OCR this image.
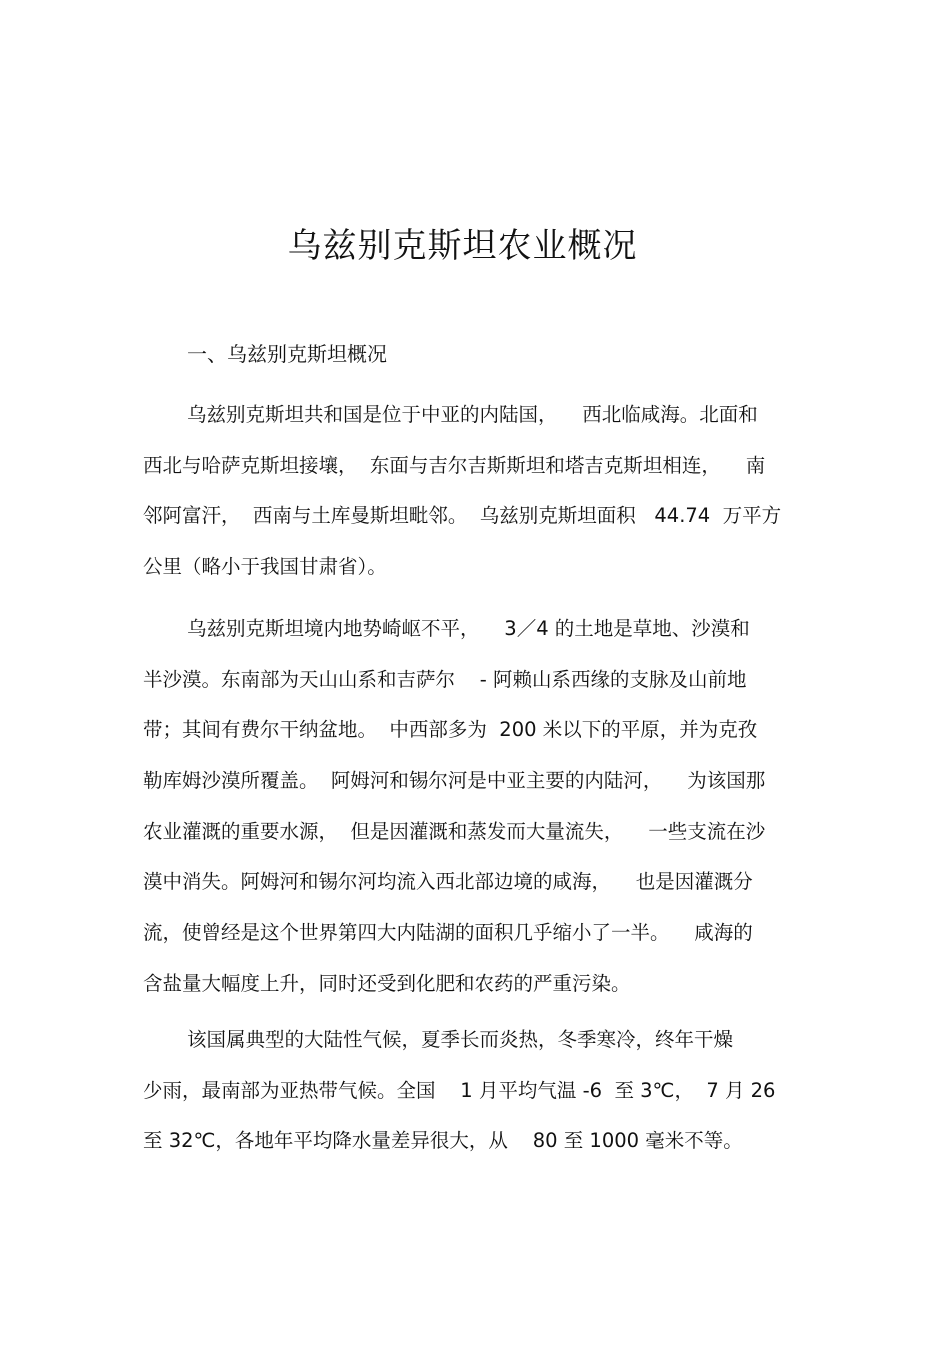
乌兹别克斯坦农业概况
一、乌兹别克斯坦概况
乌兹别克斯坦共和国是位于中亚的内陆国，    西北临咸海。北面和
西北与哈萨克斯坦接壤，  东面与吉尔吉斯斯坦和塔吉克斯坦相连，    南
邻阿富汗，  西南与土库曼斯坦毗邻。  乌兹别克斯坦面积   44.74  万平方
公里（略小于我国甘肃省）。
乌兹别克斯坦境内地势崎岖不平，    3／4 的土地是草地、沙漠和
半沙漠。东南部为天山山系和吉萨尔    - 阿赖山系西缘的支脉及山前地
带；其间有费尔干纳盆地。  中西部多为  200 米以下的平原，并为克孜
勒库姆沙漠所覆盖。  阿姆河和锡尔河是中亚主要的内陆河，    为该国那
农业灌溉的重要水源，  但是因灌溉和蒸发而大量流失，    一些支流在沙
漠中消失。阿姆河和锡尔河均流入西北部边境的咸海，    也是因灌溉分
流，使曾经是这个世界第四大内陆湖的面积几乎缩小了一半。    咸海的
含盐量大幅度上升，同时还受到化肥和农药的严重污染。
该国属典型的大陆性气候，夏季长而炎热，冬季寒冷，终年干燥
少雨，最南部为亚热带气候。全国    1 月平均气温 -6  至 3℃，  7 月 26
至 32℃，各地年平均降水量差异很大，从    80 至 1000 毫米不等。
